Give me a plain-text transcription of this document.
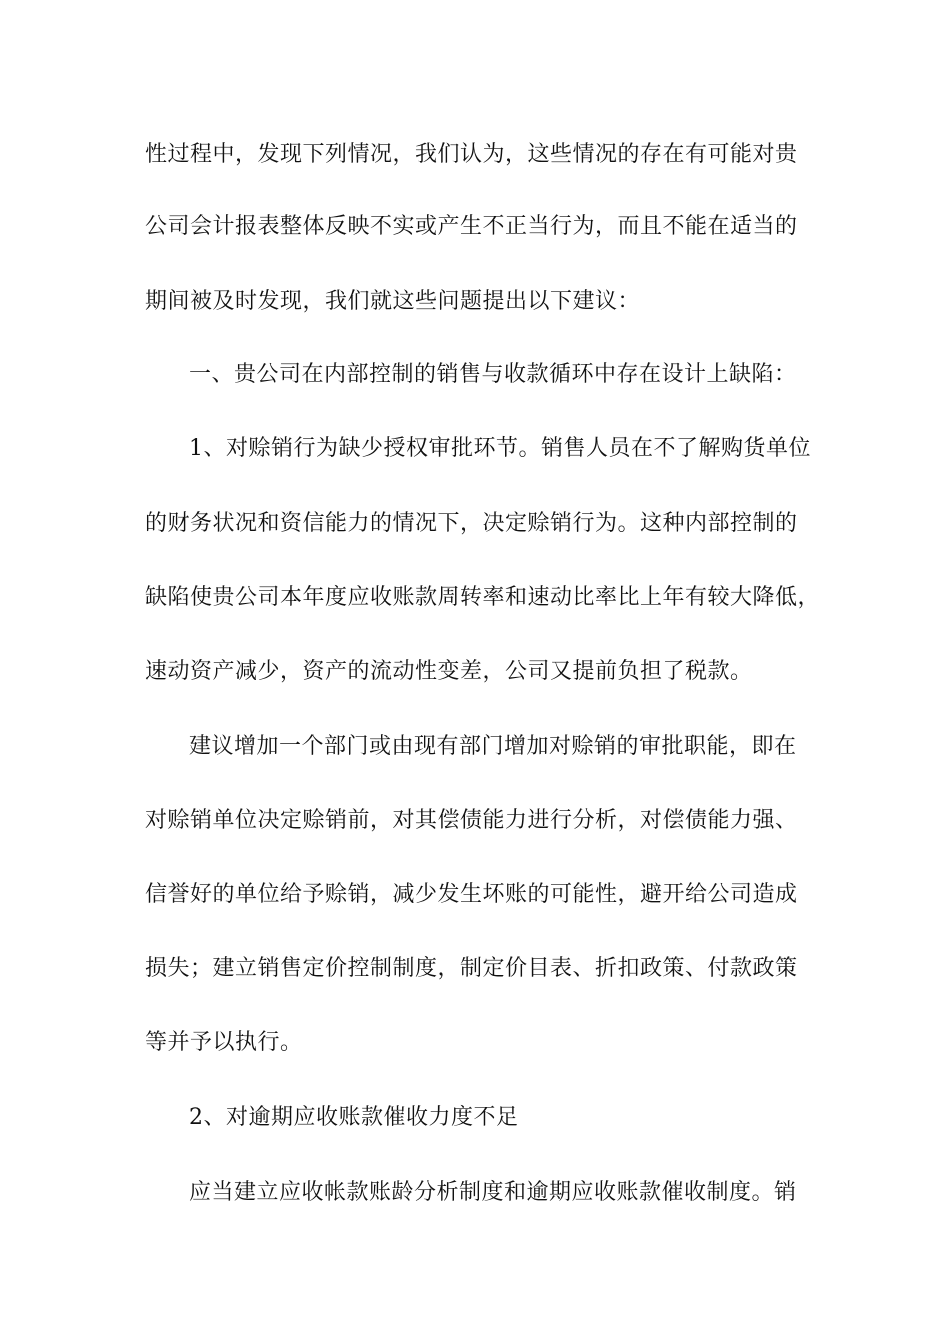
性过程中，发现下列情况，我们认为，这些情况的存在有可能对贵
公司会计报表整体反映不实或产生不正当行为，而且不能在适当的
期间被及时发现，我们就这些问题提出以下建议：
一、贵公司在内部控制的销售与收款循环中存在设计上缺陷：
1、对赊销行为缺少授权审批环节。销售人员在不了解购货单位
的财务状况和资信能力的情况下，决定赊销行为。这种内部控制的
缺陷使贵公司本年度应收账款周转率和速动比率比上年有较大降低，
速动资产减少，资产的流动性变差，公司又提前负担了税款。
建议增加一个部门或由现有部门增加对赊销的审批职能，即在
对赊销单位决定赊销前，对其偿债能力进行分析，对偿债能力强、
信誉好的单位给予赊销，减少发生坏账的可能性，避开给公司造成
损失；建立销售定价控制制度，制定价目表、折扣政策、付款政策
等并予以执行。
2、对逾期应收账款催收力度不足
应当建立应收帐款账龄分析制度和逾期应收账款催收制度。销
